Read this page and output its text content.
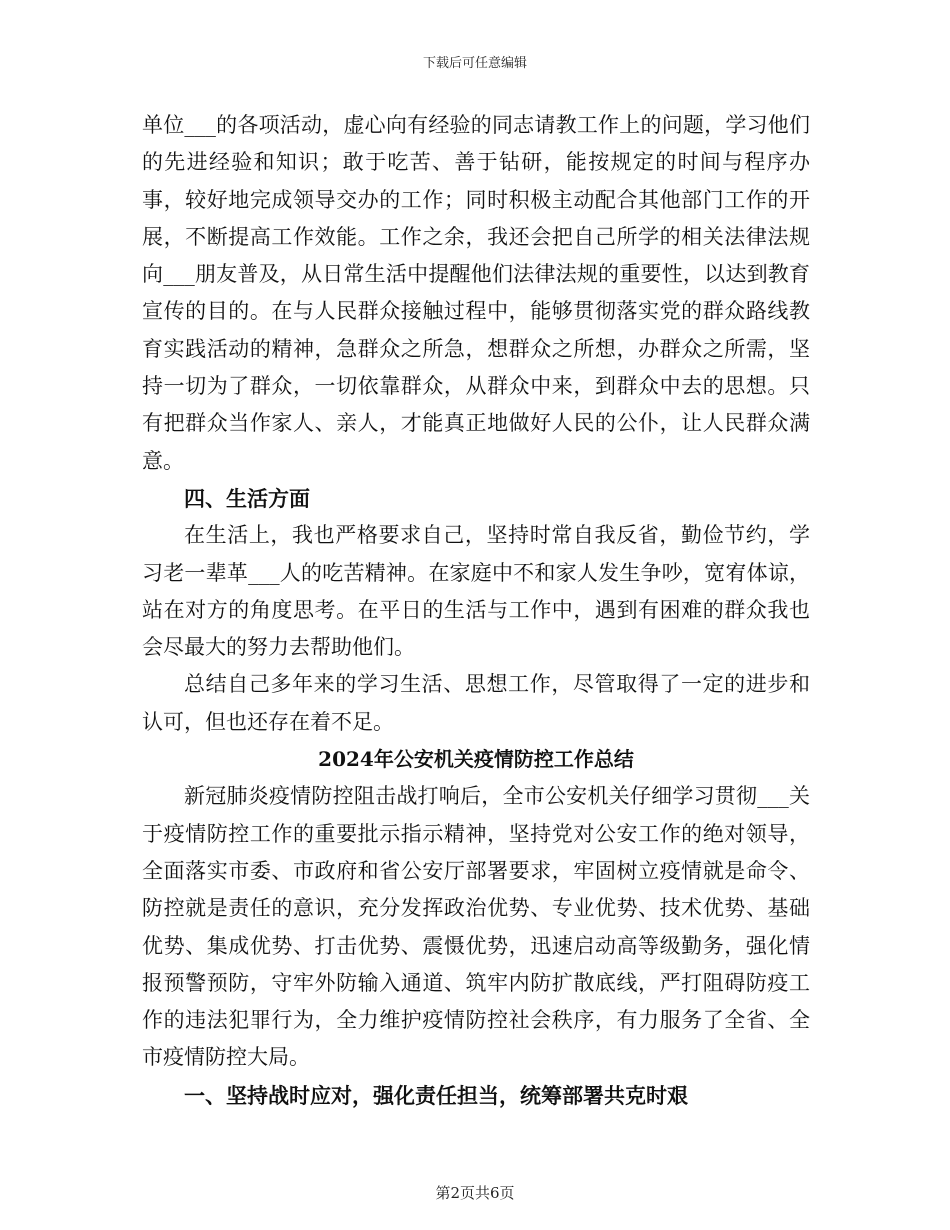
下载后可任意编辑

单位___的各项活动，虚心向有经验的同志请教工作上的问题，学习他们的先进经验和知识；敢于吃苦、善于钻研，能按规定的时间与程序办事，较好地完成领导交办的工作；同时积极主动配合其他部门工作的开展，不断提高工作效能。工作之余，我还会把自己所学的相关法律法规向___朋友普及，从日常生活中提醒他们法律法规的重要性，以达到教育宣传的目的。在与人民群众接触过程中，能够贯彻落实党的群众路线教育实践活动的精神，急群众之所急，想群众之所想，办群众之所需，坚持一切为了群众，一切依靠群众，从群众中来，到群众中去的思想。只有把群众当作家人、亲人，才能真正地做好人民的公仆，让人民群众满意。

四、生活方面

在生活上，我也严格要求自己，坚持时常自我反省，勤俭节约，学习老一辈革___人的吃苦精神。在家庭中不和家人发生争吵，宽宥体谅，站在对方的角度思考。在平日的生活与工作中，遇到有困难的群众我也会尽最大的努力去帮助他们。

总结自己多年来的学习生活、思想工作，尽管取得了一定的进步和认可，但也还存在着不足。

2024年公安机关疫情防控工作总结

新冠肺炎疫情防控阻击战打响后，全市公安机关仔细学习贯彻___关于疫情防控工作的重要批示指示精神，坚持党对公安工作的绝对领导，全面落实市委、市政府和省公安厅部署要求，牢固树立疫情就是命令、防控就是责任的意识，充分发挥政治优势、专业优势、技术优势、基础优势、集成优势、打击优势、震慑优势，迅速启动高等级勤务，强化情报预警预防，守牢外防输入通道、筑牢内防扩散底线，严打阻碍防疫工作的违法犯罪行为，全力维护疫情防控社会秩序，有力服务了全省、全市疫情防控大局。

一、坚持战时应对，强化责任担当，统筹部署共克时艰

第2页共6页
